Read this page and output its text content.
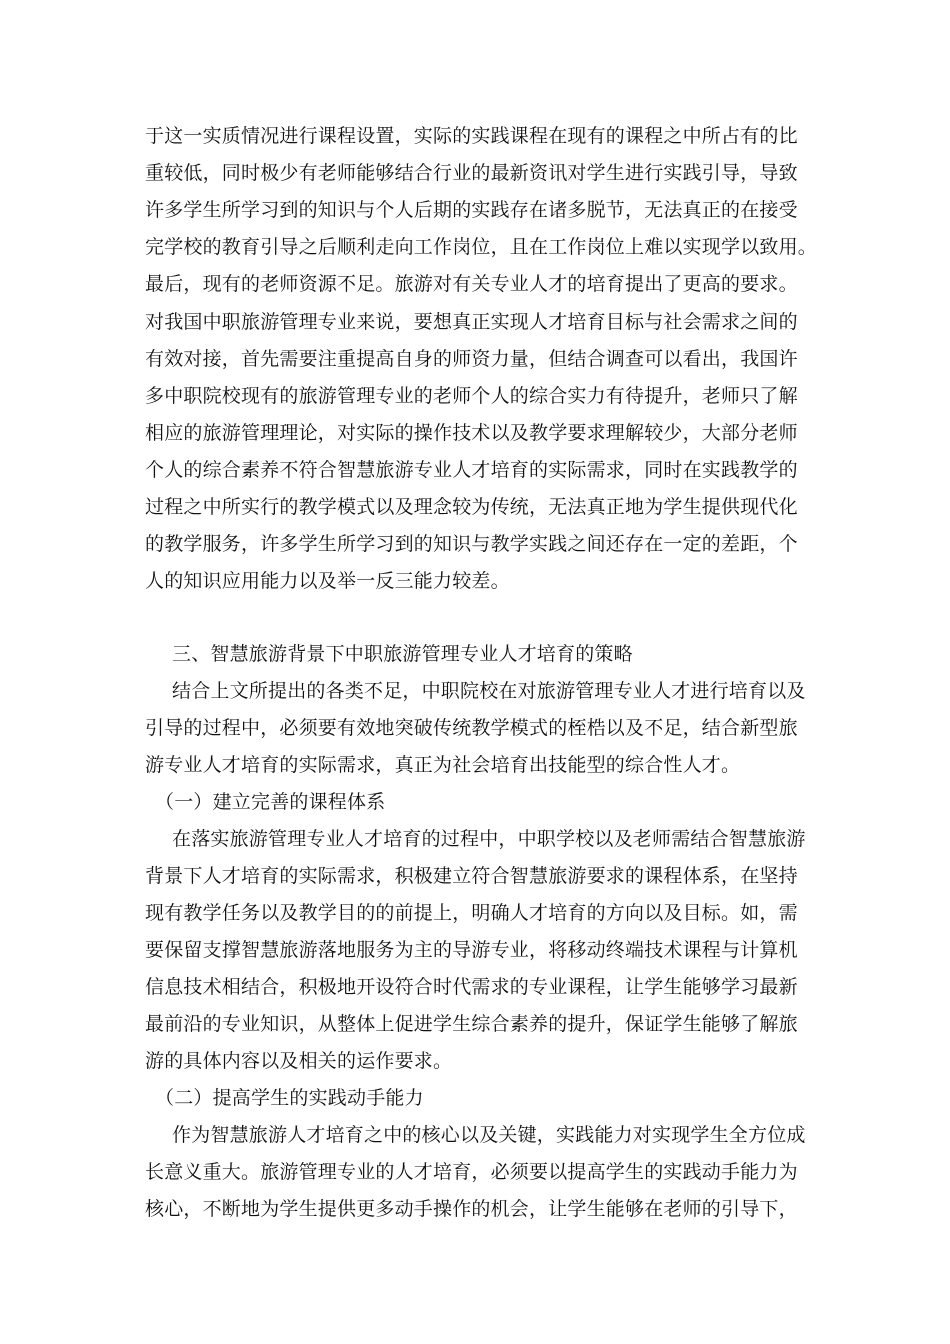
于这一实质情况进行课程设置，实际的实践课程在现有的课程之中所占有的比
重较低，同时极少有老师能够结合行业的最新资讯对学生进行实践引导，导致
许多学生所学习到的知识与个人后期的实践存在诸多脱节，无法真正的在接受
完学校的教育引导之后顺利走向工作岗位，且在工作岗位上难以实现学以致用。
最后，现有的老师资源不足。旅游对有关专业人才的培育提出了更高的要求。
对我国中职旅游管理专业来说，要想真正实现人才培育目标与社会需求之间的
有效对接，首先需要注重提高自身的师资力量，但结合调查可以看出，我国许
多中职院校现有的旅游管理专业的老师个人的综合实力有待提升，老师只了解
相应的旅游管理理论，对实际的操作技术以及教学要求理解较少，大部分老师
个人的综合素养不符合智慧旅游专业人才培育的实际需求，同时在实践教学的
过程之中所实行的教学模式以及理念较为传统，无法真正地为学生提供现代化
的教学服务，许多学生所学习到的知识与教学实践之间还存在一定的差距，个
人的知识应用能力以及举一反三能力较差。
三、智慧旅游背景下中职旅游管理专业人才培育的策略
结合上文所提出的各类不足，中职院校在对旅游管理专业人才进行培育以及
引导的过程中，必须要有效地突破传统教学模式的桎梏以及不足，结合新型旅
游专业人才培育的实际需求，真正为社会培育出技能型的综合性人才。
（一）建立完善的课程体系
在落实旅游管理专业人才培育的过程中，中职学校以及老师需结合智慧旅游
背景下人才培育的实际需求，积极建立符合智慧旅游要求的课程体系，在坚持
现有教学任务以及教学目的的前提上，明确人才培育的方向以及目标。如，需
要保留支撑智慧旅游落地服务为主的导游专业，将移动终端技术课程与计算机
信息技术相结合，积极地开设符合时代需求的专业课程，让学生能够学习最新
最前沿的专业知识，从整体上促进学生综合素养的提升，保证学生能够了解旅
游的具体内容以及相关的运作要求。
（二）提高学生的实践动手能力
作为智慧旅游人才培育之中的核心以及关键，实践能力对实现学生全方位成
长意义重大。旅游管理专业的人才培育，必须要以提高学生的实践动手能力为
核心，不断地为学生提供更多动手操作的机会，让学生能够在老师的引导下，
